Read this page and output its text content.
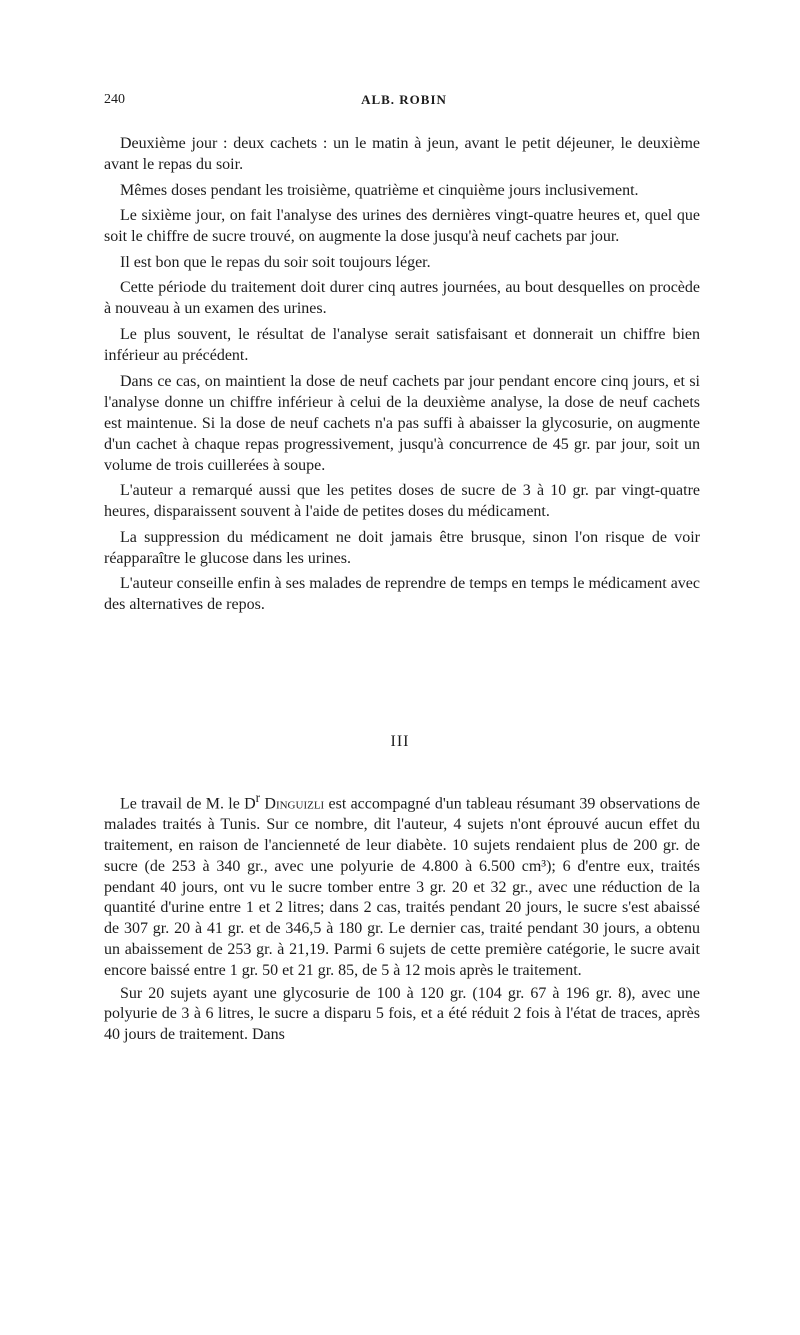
240	ALB. ROBIN

Deuxième jour : deux cachets : un le matin à jeun, avant le petit déjeuner, le deuxième avant le repas du soir.

Mêmes doses pendant les troisième, quatrième et cinquième jours inclusivement.

Le sixième jour, on fait l'analyse des urines des dernières vingt-quatre heures et, quel que soit le chiffre de sucre trouvé, on augmente la dose jusqu'à neuf cachets par jour.

Il est bon que le repas du soir soit toujours léger.

Cette période du traitement doit durer cinq autres journées, au bout desquelles on procède à nouveau à un examen des urines.

Le plus souvent, le résultat de l'analyse serait satisfaisant et donnerait un chiffre bien inférieur au précédent.

Dans ce cas, on maintient la dose de neuf cachets par jour pendant encore cinq jours, et si l'analyse donne un chiffre inférieur à celui de la deuxième analyse, la dose de neuf cachets est maintenue. Si la dose de neuf cachets n'a pas suffi à abaisser la glycosurie, on augmente d'un cachet à chaque repas progressivement, jusqu'à concurrence de 45 gr. par jour, soit un volume de trois cuillerées à soupe.

L'auteur a remarqué aussi que les petites doses de sucre de 3 à 10 gr. par vingt-quatre heures, disparaissent souvent à l'aide de petites doses du médicament.

La suppression du médicament ne doit jamais être brusque, sinon l'on risque de voir réapparaître le glucose dans les urines.

L'auteur conseille enfin à ses malades de reprendre de temps en temps le médicament avec des alternatives de repos.

III

Le travail de M. le $D^r$ Dinguizli est accompagné d'un tableau résumant 39 observations de malades traités à Tunis. Sur ce nombre, dit l'auteur, 4 sujets n'ont éprouvé aucun effet du traitement, en raison de l'ancienneté de leur diabète. 10 sujets rendaient plus de 200 gr. de sucre (de 253 à 340 gr., avec une polyurie de 4.800 à 6.500 cm³); 6 d'entre eux, traités pendant 40 jours, ont vu le sucre tomber entre 3 gr. 20 et 32 gr., avec une réduction de la quantité d'urine entre 1 et 2 litres; dans 2 cas, traités pendant 20 jours, le sucre s'est abaissé de 307 gr. 20 à 41 gr. et de 346,5 à 180 gr. Le dernier cas, traité pendant 30 jours, a obtenu un abaissement de 253 gr. à 21,19. Parmi 6 sujets de cette première catégorie, le sucre avait encore baissé entre 1 gr. 50 et 21 gr. 85, de 5 à 12 mois après le traitement.

Sur 20 sujets ayant une glycosurie de 100 à 120 gr. (104 gr. 67 à 196 gr. 8), avec une polyurie de 3 à 6 litres, le sucre a disparu 5 fois, et a été réduit 2 fois à l'état de traces, après 40 jours de traitement. Dans
